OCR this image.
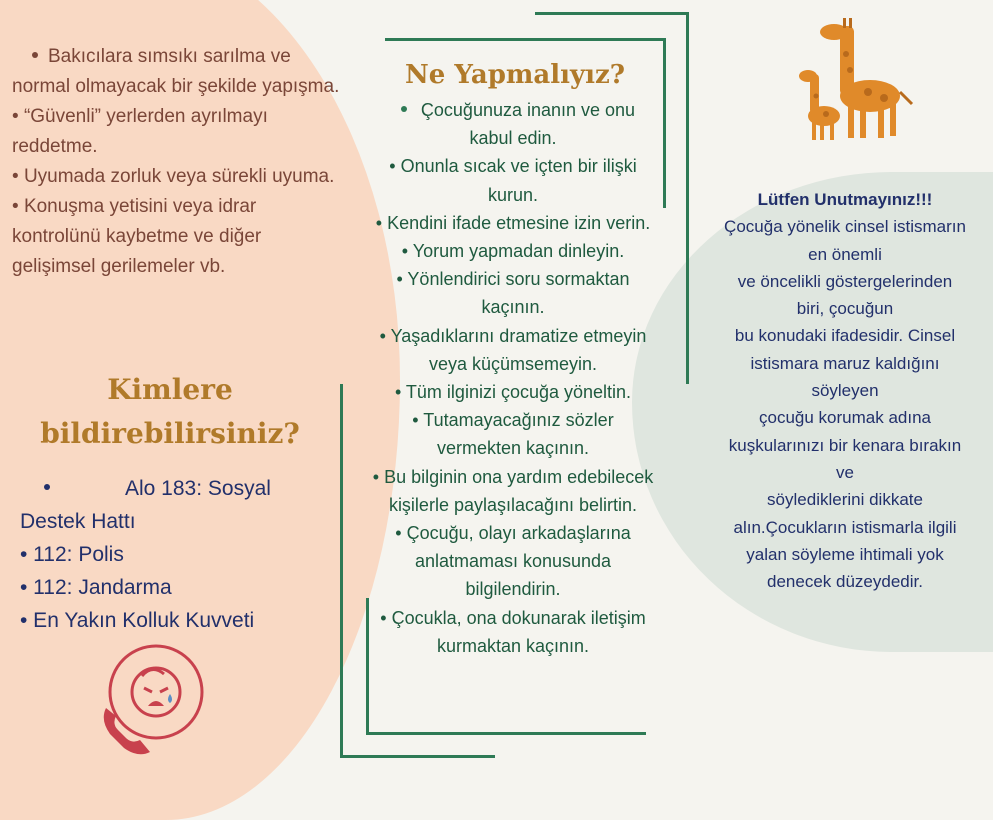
Bakıcılara sımsıkı sarılma ve normal olmayacak bir şekilde yapışma.

• “Güvenli” yerlerden ayrılmayı reddetme.

• Uyumada zorluk veya sürekli uyuma.

• Konuşma yetisini veya idrar kontrolünü kaybetme ve diğer gelişimsel gerilemeler vb.

Kimlere
bildirebilirsiniz?

Alo 183: Sosyal

Destek Hattı

• 112: Polis

• 112: Jandarma

• En Yakın Kolluk Kuvveti

Ne Yapmalıyız?

Çocuğunuza inanın ve onu kabul edin.

• Onunla sıcak ve içten bir ilişki kurun.

• Kendini ifade etmesine izin verin.

• Yorum yapmadan dinleyin.

• Yönlendirici soru sormaktan kaçının.

• Yaşadıklarını dramatize etmeyin veya küçümsemeyin.

• Tüm ilginizi çocuğa yöneltin.

• Tutamayacağınız sözler vermekten kaçının.

• Bu bilginin ona yardım edebilecek kişilerle paylaşılacağını belirtin.

• Çocuğu, olayı arkadaşlarına anlatmaması konusunda bilgilendirin.

• Çocukla, ona dokunarak iletişim kurmaktan kaçının.

Lütfen Unutmayınız!!!

Çocuğa yönelik cinsel istismarın

en önemli

ve öncelikli göstergelerinden

biri, çocuğun

bu konudaki ifadesidir. Cinsel

istismara maruz kaldığını

söyleyen

çocuğu korumak adına

kuşkularınızı bir kenara bırakın

ve

söylediklerini dikkate

alın.Çocukların istismarla ilgili

yalan söyleme ihtimali yok

denecek düzeydedir.
